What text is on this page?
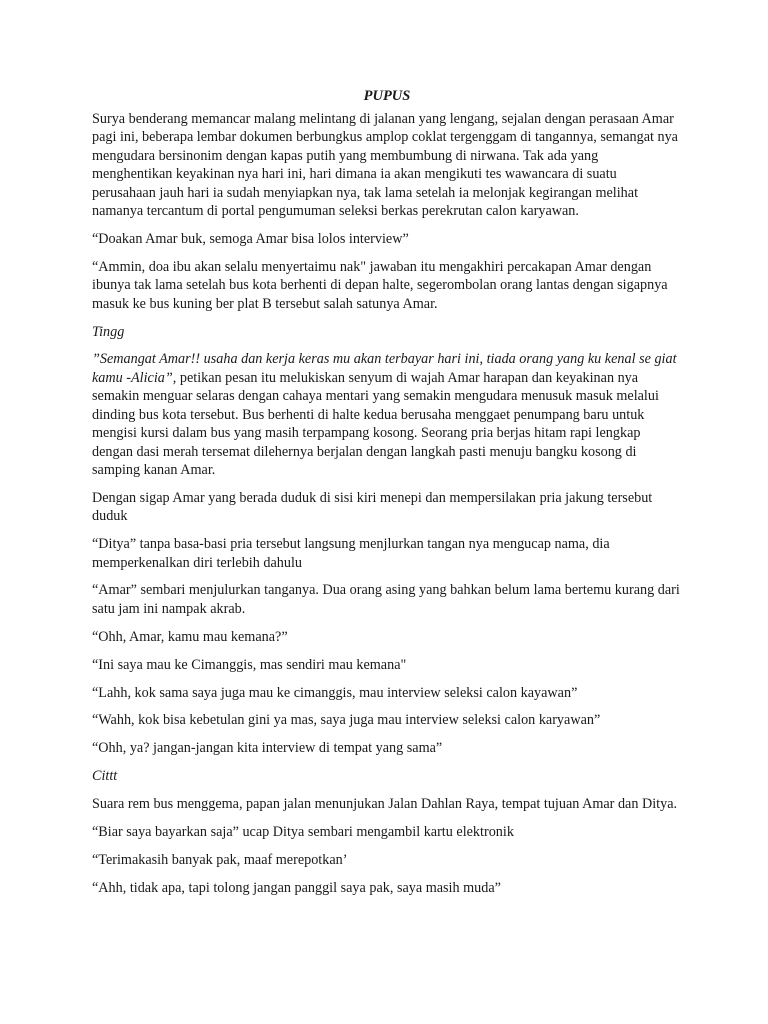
PUPUS

Surya benderang memancar malang melintang di jalanan yang lengang, sejalan dengan perasaan Amar pagi ini, beberapa lembar dokumen berbungkus amplop coklat tergenggam di tangannya, semangat nya mengudara bersinonim dengan kapas putih yang membumbung di nirwana. Tak ada yang menghentikan keyakinan nya hari ini, hari dimana ia akan mengikuti tes wawancara di suatu perusahaan jauh hari ia sudah menyiapkan nya, tak lama setelah ia melonjak kegirangan melihat namanya tercantum di portal pengumuman seleksi berkas perekrutan calon karyawan.

“Doakan Amar buk, semoga Amar bisa lolos interview”

“Ammin, doa ibu akan selalu menyertaimu nak" jawaban itu mengakhiri percakapan Amar dengan ibunya tak lama setelah bus kota berhenti di depan halte, segerombolan orang lantas dengan sigapnya masuk ke bus kuning ber plat B tersebut salah satunya Amar.

Tingg

”Semangat Amar!! usaha dan kerja keras mu akan terbayar hari ini, tiada orang yang ku kenal se giat kamu -Alicia”, petikan pesan itu melukiskan senyum di wajah Amar harapan dan keyakinan nya semakin menguar selaras dengan cahaya mentari yang semakin mengudara menusuk masuk melalui dinding bus kota tersebut. Bus berhenti di halte kedua berusaha menggaet penumpang baru untuk mengisi kursi dalam bus yang masih terpampang kosong. Seorang pria berjas hitam rapi lengkap dengan dasi merah tersemat dilehernya berjalan dengan langkah pasti menuju bangku kosong di samping kanan Amar.

Dengan sigap Amar yang berada duduk di sisi kiri menepi dan mempersilakan pria jakung tersebut duduk

“Ditya” tanpa basa-basi pria tersebut langsung menjlurkan tangan nya mengucap nama, dia memperkenalkan diri terlebih dahulu

“Amar” sembari menjulurkan tanganya. Dua orang asing yang bahkan belum lama bertemu kurang dari satu jam ini nampak akrab.

“Ohh, Amar, kamu mau kemana?”

“Ini saya mau ke Cimanggis, mas sendiri mau kemana"

“Lahh, kok sama saya juga mau ke cimanggis, mau interview seleksi calon kayawan”

“Wahh, kok bisa kebetulan gini ya mas, saya juga mau interview seleksi calon karyawan”

“Ohh, ya? jangan-jangan kita interview di tempat yang sama”

Cittt

Suara rem bus menggema, papan jalan menunjukan Jalan Dahlan Raya, tempat tujuan Amar dan Ditya.

“Biar saya bayarkan saja” ucap Ditya sembari mengambil kartu elektronik

“Terimakasih banyak pak, maaf merepotkan’

“Ahh, tidak apa, tapi tolong jangan panggil saya pak, saya masih muda”
